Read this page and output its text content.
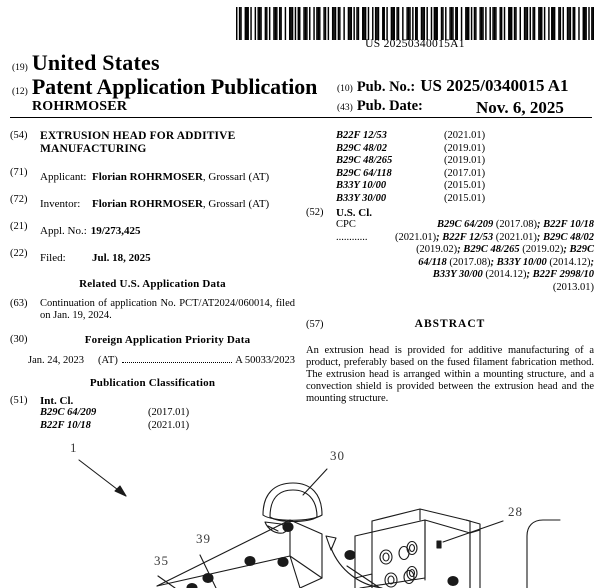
US 20250340015A1
(19) United States
(12) Patent Application Publication
ROHRMOSER
(10) Pub. No.: US 2025/0340015 A1
(43) Pub. Date:	Nov. 6, 2025
(54)	EXTRUSION HEAD FOR ADDITIVE MANUFACTURING
(71)	Applicant: Florian ROHRMOSER, Grossarl (AT)
(72)	Inventor: Florian ROHRMOSER, Grossarl (AT)
(21)	Appl. No.: 19/273,425
(22)	Filed: Jul. 18, 2025
Related U.S. Application Data
(63)	Continuation of application No. PCT/AT2024/060014, filed on Jan. 19, 2024.
(30)	Foreign Application Priority Data
Jan. 24, 2023 (AT)	A 50033/2023
Publication Classification
(51)	Int. Cl.
B29C 64/209	(2017.01)
B22F 10/18	(2021.01)
B22F 12/53	(2021.01)
B29C 48/02	(2019.01)
B29C 48/265	(2019.01)
B29C 64/118	(2017.01)
B33Y 10/00	(2015.01)
B33Y 30/00	(2015.01)
(52)	U.S. Cl.
CPC ............
B29C 64/209 (2017.08); B22F 10/18
(2021.01); B22F 12/53 (2021.01); B29C 48/02
(2019.02); B29C 48/265 (2019.02); B29C
64/118 (2017.08); B33Y 10/00 (2014.12);
B33Y 30/00 (2014.12); B22F 2998/10
(2013.01)
(57)	ABSTRACT
An extrusion head is provided for additive manufacturing of a product, preferably based on the fused filament fabrication method. The extrusion head is arranged within a mounting structure, and a convection shield is provided between the extrusion head and the mounting structure.
1
30
28
39
35
